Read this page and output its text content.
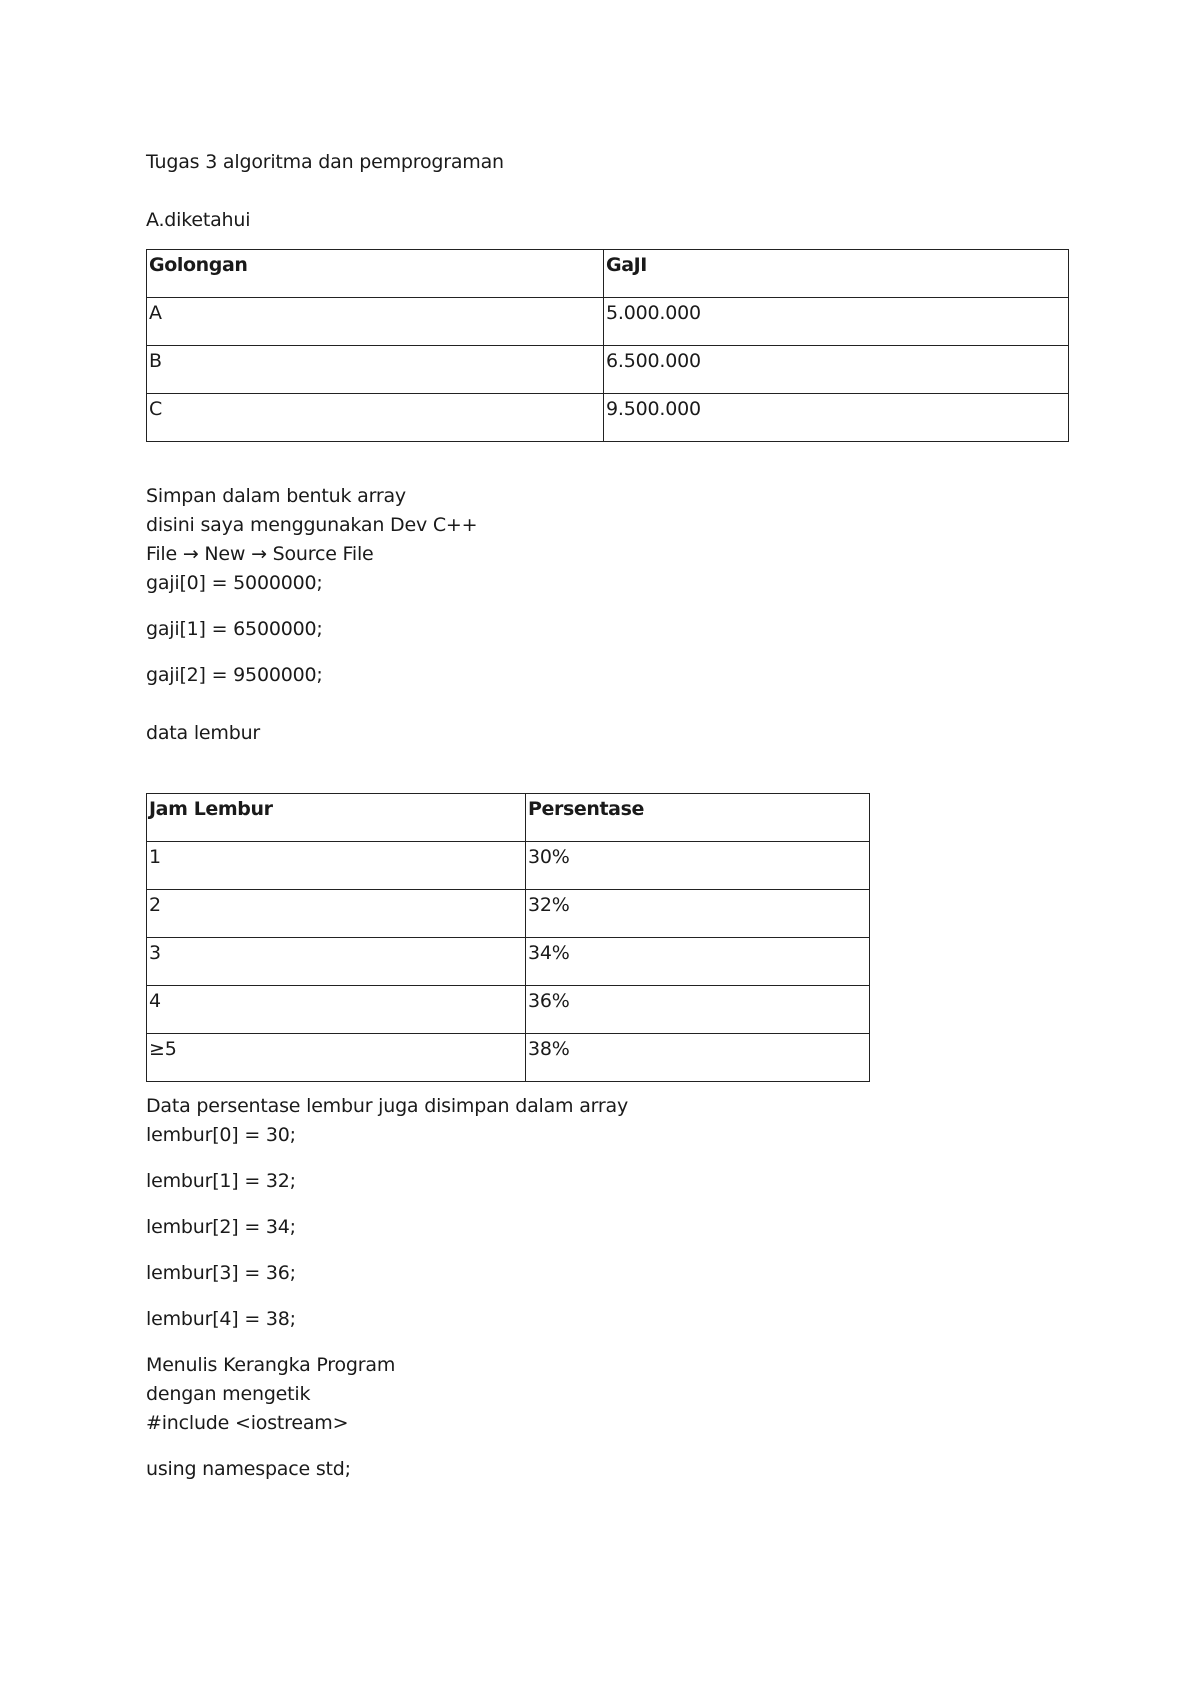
Tugas 3 algoritma dan pemprograman
A.diketahui
Golongan	GaJI
A	5.000.000
B	6.500.000
C	9.500.000
Simpan dalam bentuk array
disini saya menggunakan Dev C++
File → New → Source File
gaji[0] = 5000000;
gaji[1] = 6500000;
gaji[2] = 9500000;
data lembur
Jam Lembur	Persentase
1	30%
2	32%
3	34%
4	36%
≥5	38%
Data persentase lembur juga disimpan dalam array
lembur[0] = 30;
lembur[1] = 32;
lembur[2] = 34;
lembur[3] = 36;
lembur[4] = 38;
Menulis Kerangka Program
dengan mengetik
#include <iostream>
using namespace std;
